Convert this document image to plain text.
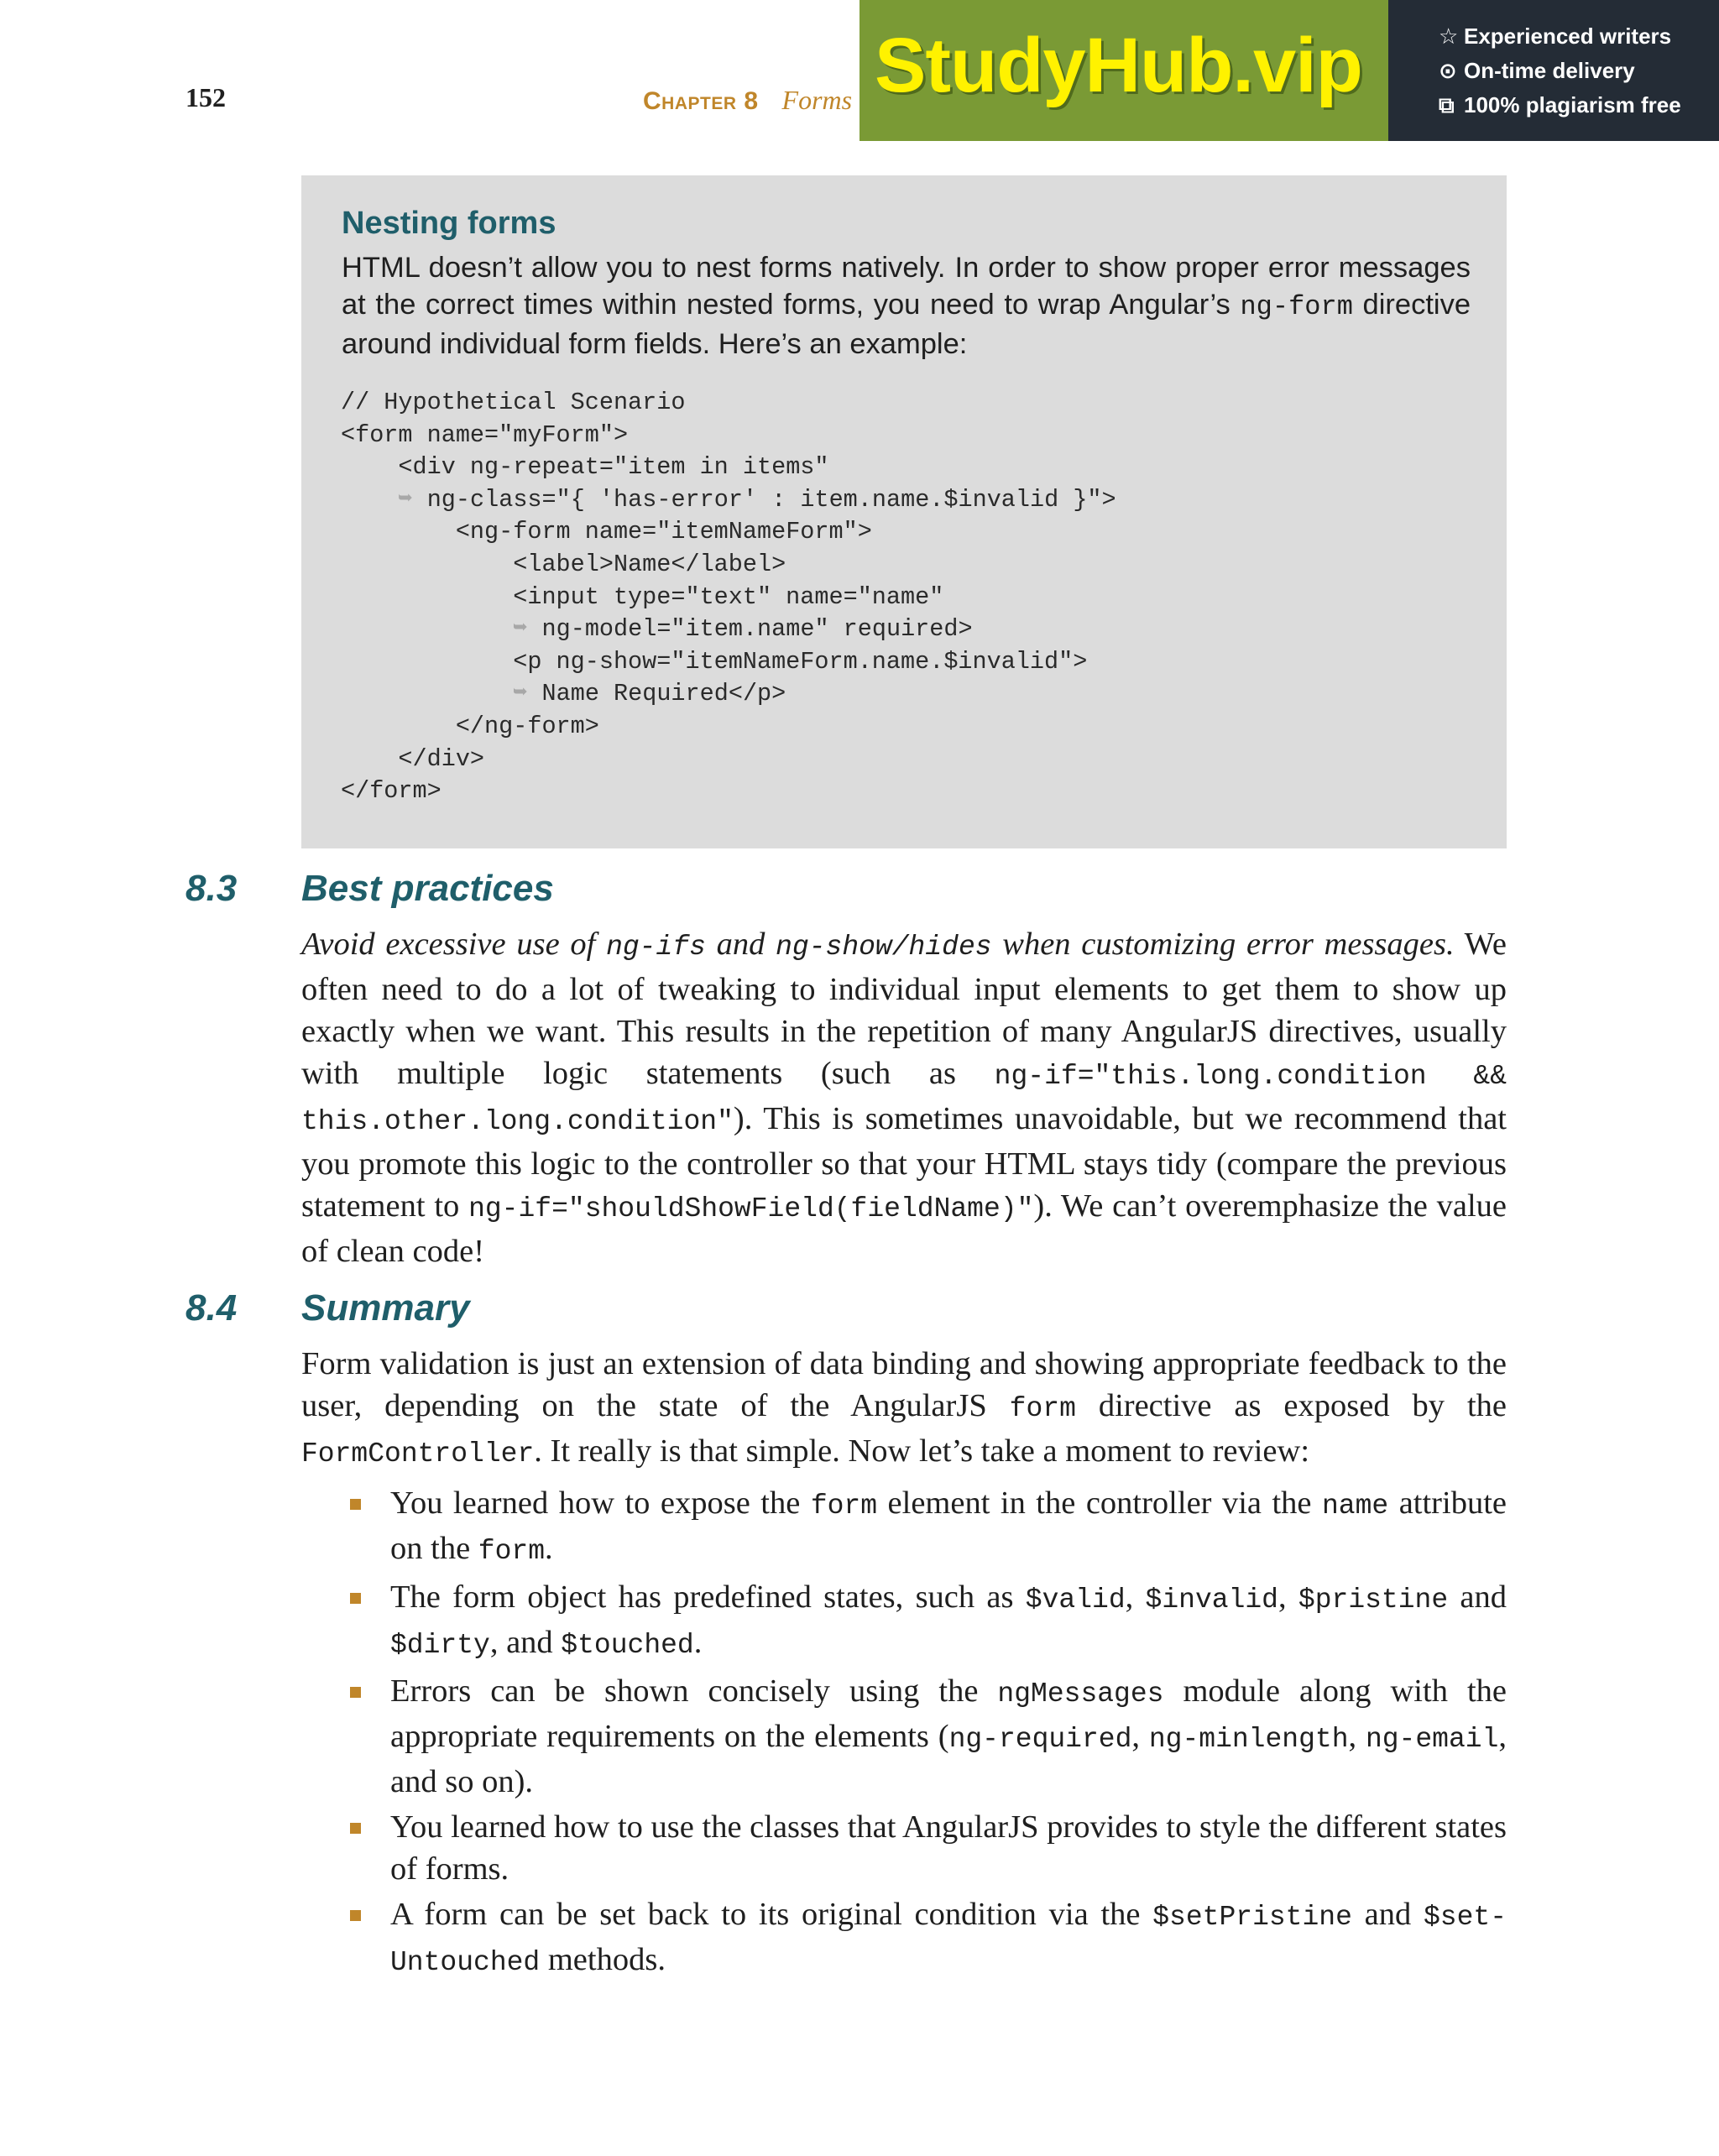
152	Chapter 8 Forms StudyHub.vip	☆ Experienced writers
⊙ On-time delivery
⧉ 100% plagiarism free
Nesting forms
HTML doesn’t allow you to nest forms natively. In order to show proper error messages at the correct times within nested forms, you need to wrap Angular’s ng-form directive around individual form fields. Here’s an example:
// Hypothetical Scenario
<form name="myForm">
<div ng-repeat="item in items"
➥ ng-class="{ 'has-error' : item.name.$invalid }">
<ng-form name="itemNameForm">
<label>Name</label>
<input type="text" name="name"
➥ ng-model="item.name" required>
<p ng-show="itemNameForm.name.$invalid">
➥ Name Required</p>
</ng-form>
</div>
</form>
8.3 Best practices
Avoid excessive use of ng-ifs and ng-show/hides when customizing error messages. We often need to do a lot of tweaking to individual input elements to get them to show up exactly when we want. This results in the repetition of many AngularJS directives, usually with multiple logic statements (such as ng-if="this.long.condition && this.other.long.condition"). This is sometimes unavoidable, but we recommend that you promote this logic to the controller so that your HTML stays tidy (compare the previous statement to ng-if="shouldShowField(fieldName)"). We can’t overemphasize the value of clean code!
8.4 Summary
Form validation is just an extension of data binding and showing appropriate feedback to the user, depending on the state of the AngularJS form directive as exposed by the FormController. It really is that simple. Now let’s take a moment to review:
You learned how to expose the form element in the controller via the name attribute on the form.
The form object has predefined states, such as $valid, $invalid, $pristine and $dirty, and $touched.
Errors can be shown concisely using the ngMessages module along with the appropriate requirements on the elements (ng-required, ng-minlength, ng-email, and so on).
You learned how to use the classes that AngularJS provides to style the different states of forms.
A form can be set back to its original condition via the $setPristine and $setUntouched methods.
